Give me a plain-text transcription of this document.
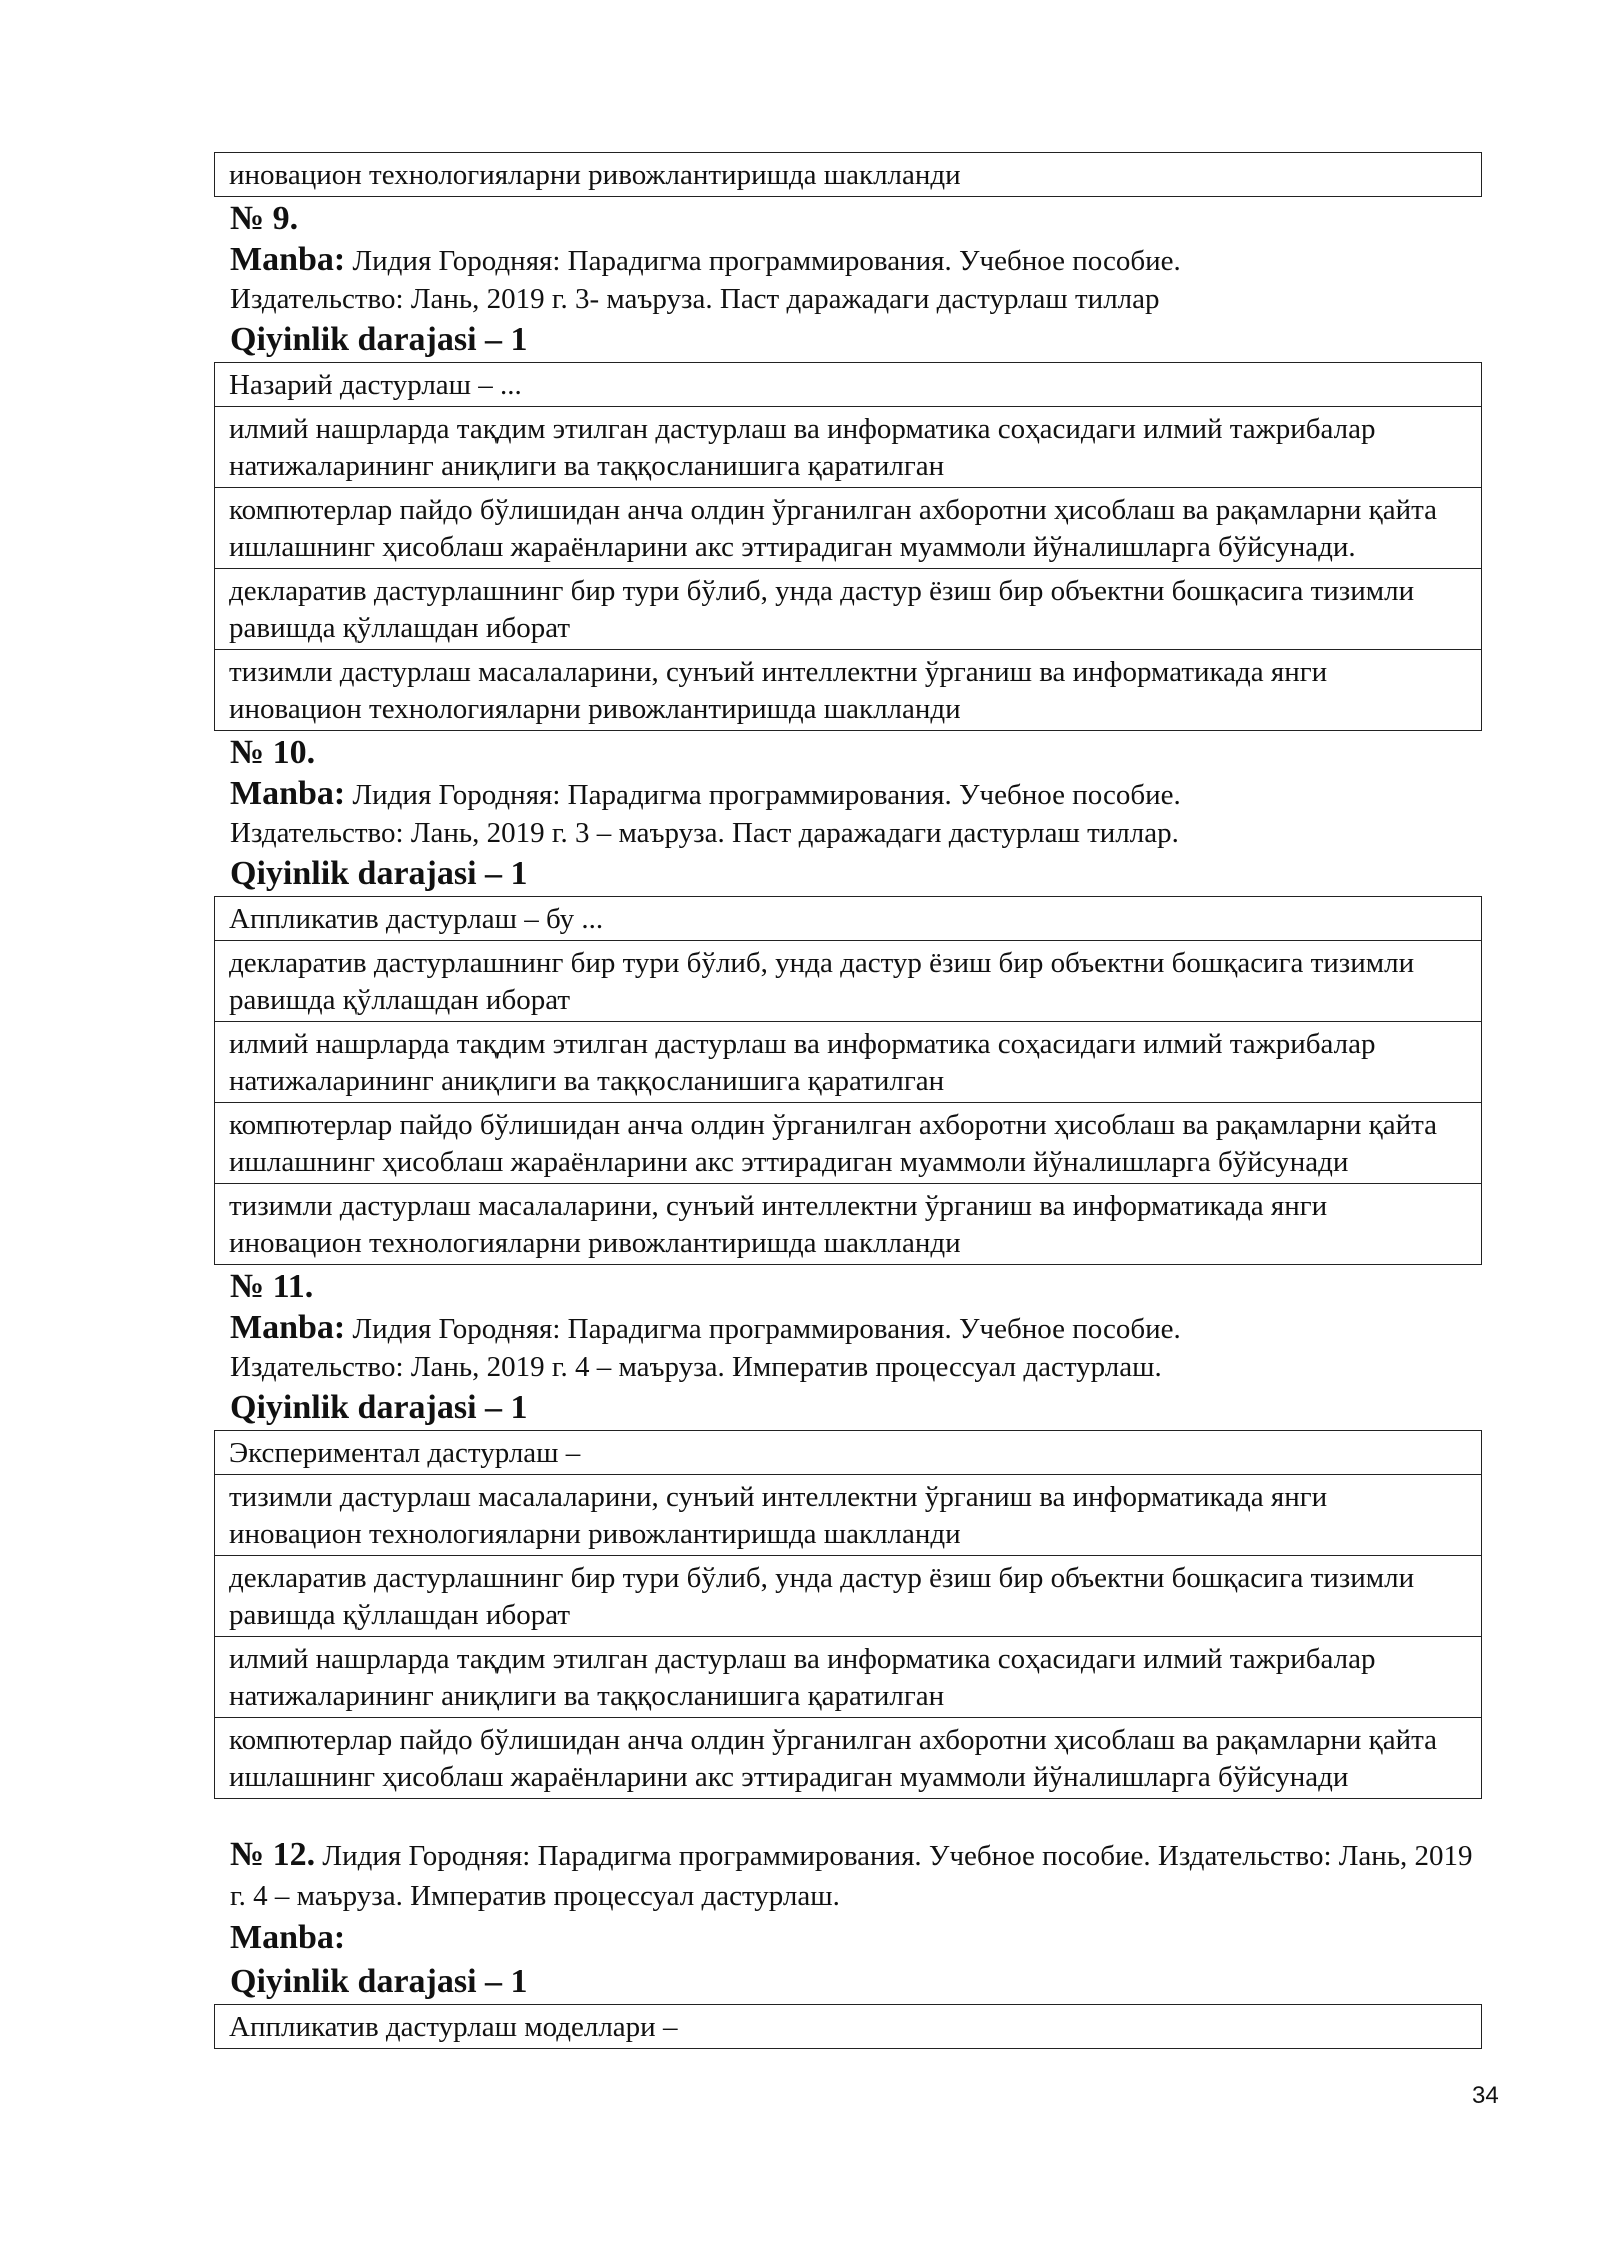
иновацион технологияларни ривожлантиришда шаклланди
№ 9.
Manba: Лидия Городняя: Парадигма программирования. Учебное пособие.
Издательство: Лань, 2019 г. 3- маъруза. Паст даражадаги дастурлаш тиллар
Qiyinlik darajasi – 1
Назарий дастурлаш – ...
илмий нашрларда тақдим этилган дастурлаш ва информатика соҳасидаги илмий тажрибалар натижаларининг аниқлиги ва таққосланишига қаратилган
компютерлар пайдо бўлишидан анча олдин ўрганилган ахборотни ҳисоблаш ва рақамларни қайта ишлашнинг ҳисоблаш жараёнларини акс эттирадиган муаммоли йўналишларга бўйсунади.
декларатив дастурлашнинг бир тури бўлиб, унда дастур ёзиш бир объектни бошқасига тизимли равишда қўллашдан иборат
тизимли дастурлаш масалаларини, сунъий интеллектни ўрганиш ва информатикада янги иновацион технологияларни ривожлантиришда шаклланди
№ 10.
Manba: Лидия Городняя: Парадигма программирования. Учебное пособие.
Издательство: Лань, 2019 г. 3 – маъруза. Паст даражадаги дастурлаш тиллар.
Qiyinlik darajasi – 1
Аппликатив дастурлаш – бу ...
декларатив дастурлашнинг бир тури бўлиб, унда дастур ёзиш бир объектни бошқасига тизимли равишда қўллашдан иборат
илмий нашрларда тақдим этилган дастурлаш ва информатика соҳасидаги илмий тажрибалар натижаларининг аниқлиги ва таққосланишига қаратилган
компютерлар пайдо бўлишидан анча олдин ўрганилган ахборотни ҳисоблаш ва рақамларни қайта ишлашнинг ҳисоблаш жараёнларини акс эттирадиган муаммоли йўналишларга бўйсунади
тизимли дастурлаш масалаларини, сунъий интеллектни ўрганиш ва информатикада янги иновацион технологияларни ривожлантиришда шаклланди
№ 11.
Manba: Лидия Городняя: Парадигма программирования. Учебное пособие.
Издательство: Лань, 2019 г. 4 – маъруза. Императив процессуал дастурлаш.
Qiyinlik darajasi – 1
Экспериментал дастурлаш –
тизимли дастурлаш масалаларини, сунъий интеллектни ўрганиш ва информатикада янги иновацион технологияларни ривожлантиришда шаклланди
декларатив дастурлашнинг бир тури бўлиб, унда дастур ёзиш бир объектни бошқасига тизимли равишда қўллашдан иборат
илмий нашрларда тақдим этилган дастурлаш ва информатика соҳасидаги илмий тажрибалар натижаларининг аниқлиги ва таққосланишига қаратилган
компютерлар пайдо бўлишидан анча олдин ўрганилган ахборотни ҳисоблаш ва рақамларни қайта ишлашнинг ҳисоблаш жараёнларини акс эттирадиган муаммоли йўналишларга бўйсунади
№ 12. Лидия Городняя: Парадигма программирования. Учебное пособие. Издательство: Лань, 2019 г. 4 – маъруза. Императив процессуал дастурлаш.
Manba:
Qiyinlik darajasi – 1
Аппликатив дастурлаш моделлари –
34
